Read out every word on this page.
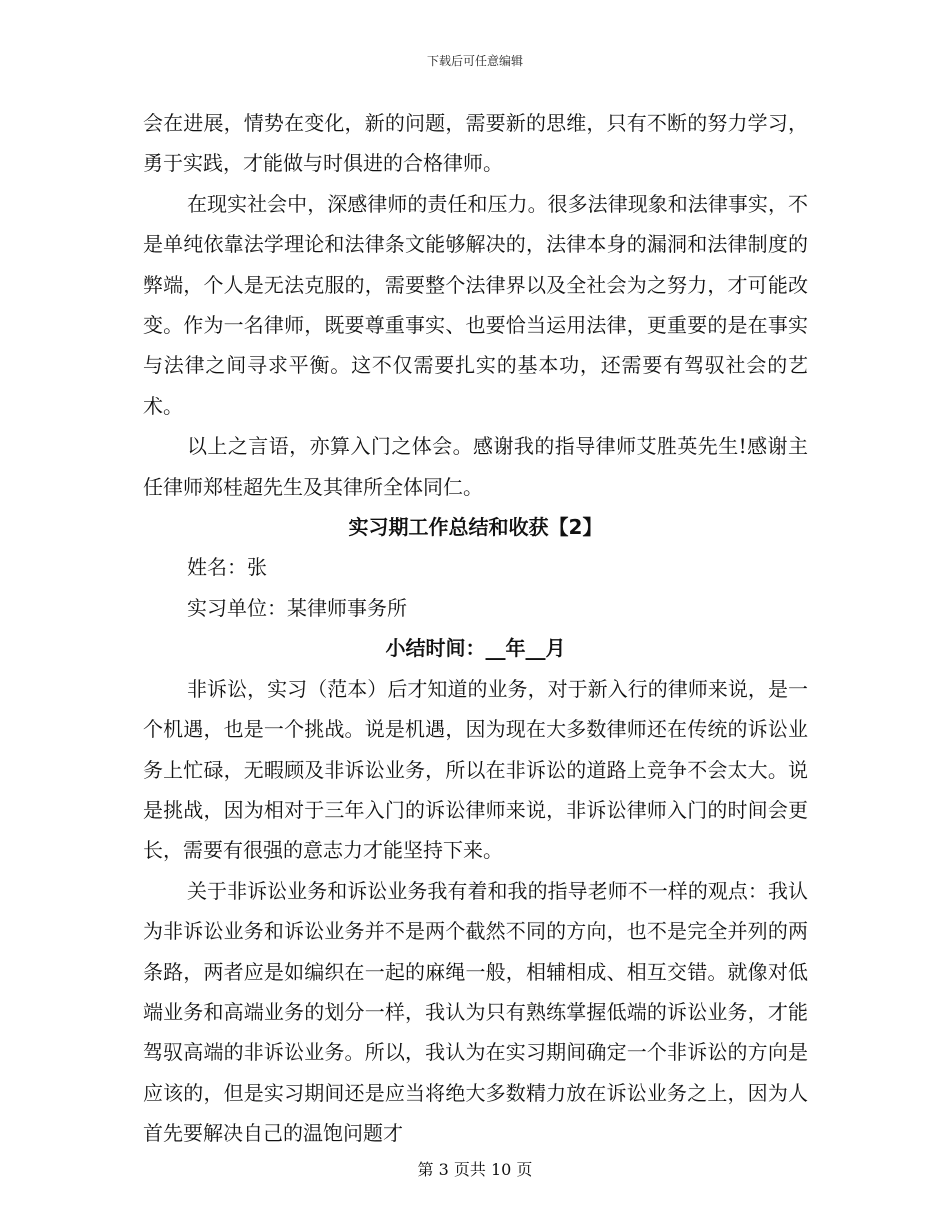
下载后可任意编辑

会在进展，情势在变化，新的问题，需要新的思维，只有不断的努力学习，勇于实践，才能做与时俱进的合格律师。

在现实社会中，深感律师的责任和压力。很多法律现象和法律事实，不是单纯依靠法学理论和法律条文能够解决的，法律本身的漏洞和法律制度的弊端，个人是无法克服的，需要整个法律界以及全社会为之努力，才可能改变。作为一名律师，既要尊重事实、也要恰当运用法律，更重要的是在事实与法律之间寻求平衡。这不仅需要扎实的基本功，还需要有驾驭社会的艺术。

以上之言语，亦算入门之体会。感谢我的指导律师艾胜英先生!感谢主任律师郑桂超先生及其律所全体同仁。

实习期工作总结和收获【2】

姓名：张

实习单位：某律师事务所

小结时间：__年__月

非诉讼，实习（范本）后才知道的业务，对于新入行的律师来说，是一个机遇，也是一个挑战。说是机遇，因为现在大多数律师还在传统的诉讼业务上忙碌，无暇顾及非诉讼业务，所以在非诉讼的道路上竞争不会太大。说是挑战，因为相对于三年入门的诉讼律师来说，非诉讼律师入门的时间会更长，需要有很强的意志力才能坚持下来。

关于非诉讼业务和诉讼业务我有着和我的指导老师不一样的观点：我认为非诉讼业务和诉讼业务并不是两个截然不同的方向，也不是完全并列的两条路，两者应是如编织在一起的麻绳一般，相辅相成、相互交错。就像对低端业务和高端业务的划分一样，我认为只有熟练掌握低端的诉讼业务，才能驾驭高端的非诉讼业务。所以，我认为在实习期间确定一个非诉讼的方向是应该的，但是实习期间还是应当将绝大多数精力放在诉讼业务之上，因为人首先要解决自己的温饱问题才

第 3 页共 10 页
